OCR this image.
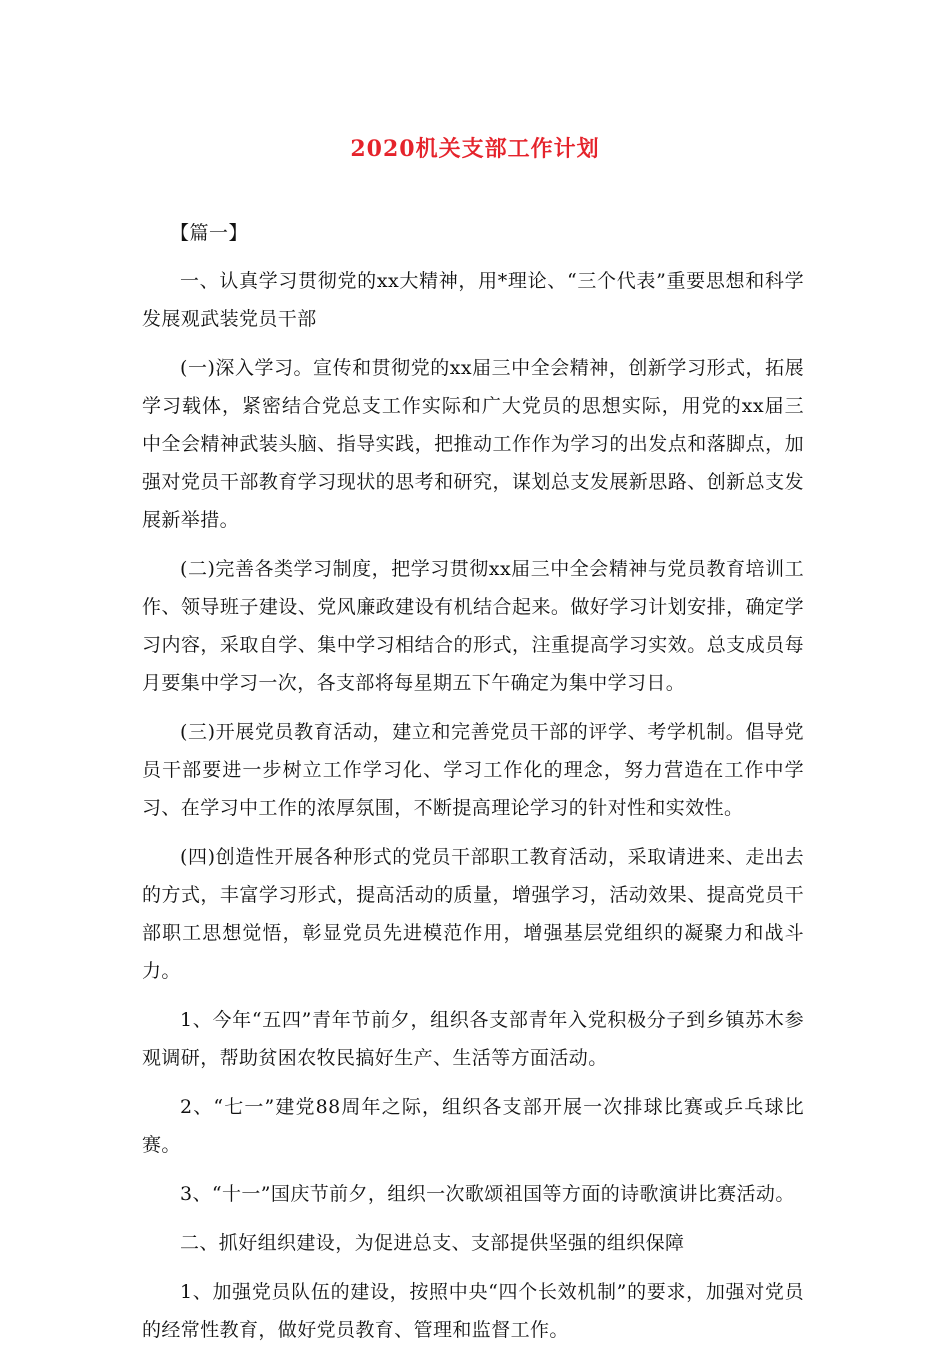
2020机关支部工作计划
【篇一】

一、认真学习贯彻党的xx大精神，用*理论、“三个代表”重要思想和科学发展观武装党员干部

(一)深入学习。宣传和贯彻党的xx届三中全会精神，创新学习形式，拓展学习载体，紧密结合党总支工作实际和广大党员的思想实际，用党的xx届三中全会精神武装头脑、指导实践，把推动工作作为学习的出发点和落脚点，加强对党员干部教育学习现状的思考和研究，谋划总支发展新思路、创新总支发展新举措。

(二)完善各类学习制度，把学习贯彻xx届三中全会精神与党员教育培训工作、领导班子建设、党风廉政建设有机结合起来。做好学习计划安排，确定学习内容，采取自学、集中学习相结合的形式，注重提高学习实效。总支成员每月要集中学习一次，各支部将每星期五下午确定为集中学习日。

(三)开展党员教育活动，建立和完善党员干部的评学、考学机制。倡导党员干部要进一步树立工作学习化、学习工作化的理念，努力营造在工作中学习、在学习中工作的浓厚氛围，不断提高理论学习的针对性和实效性。

(四)创造性开展各种形式的党员干部职工教育活动，采取请进来、走出去的方式，丰富学习形式，提高活动的质量，增强学习，活动效果、提高党员干部职工思想觉悟，彰显党员先进模范作用，增强基层党组织的凝聚力和战斗力。

1、今年“五四”青年节前夕，组织各支部青年入党积极分子到乡镇苏木参观调研，帮助贫困农牧民搞好生产、生活等方面活动。

2、“七一”建党88周年之际，组织各支部开展一次排球比赛或乒乓球比赛。

3、“十一”国庆节前夕，组织一次歌颂祖国等方面的诗歌演讲比赛活动。

二、抓好组织建设，为促进总支、支部提供坚强的组织保障

1、加强党员队伍的建设，按照中央“四个长效机制”的要求，加强对党员的经常性教育，做好党员教育、管理和监督工作。
